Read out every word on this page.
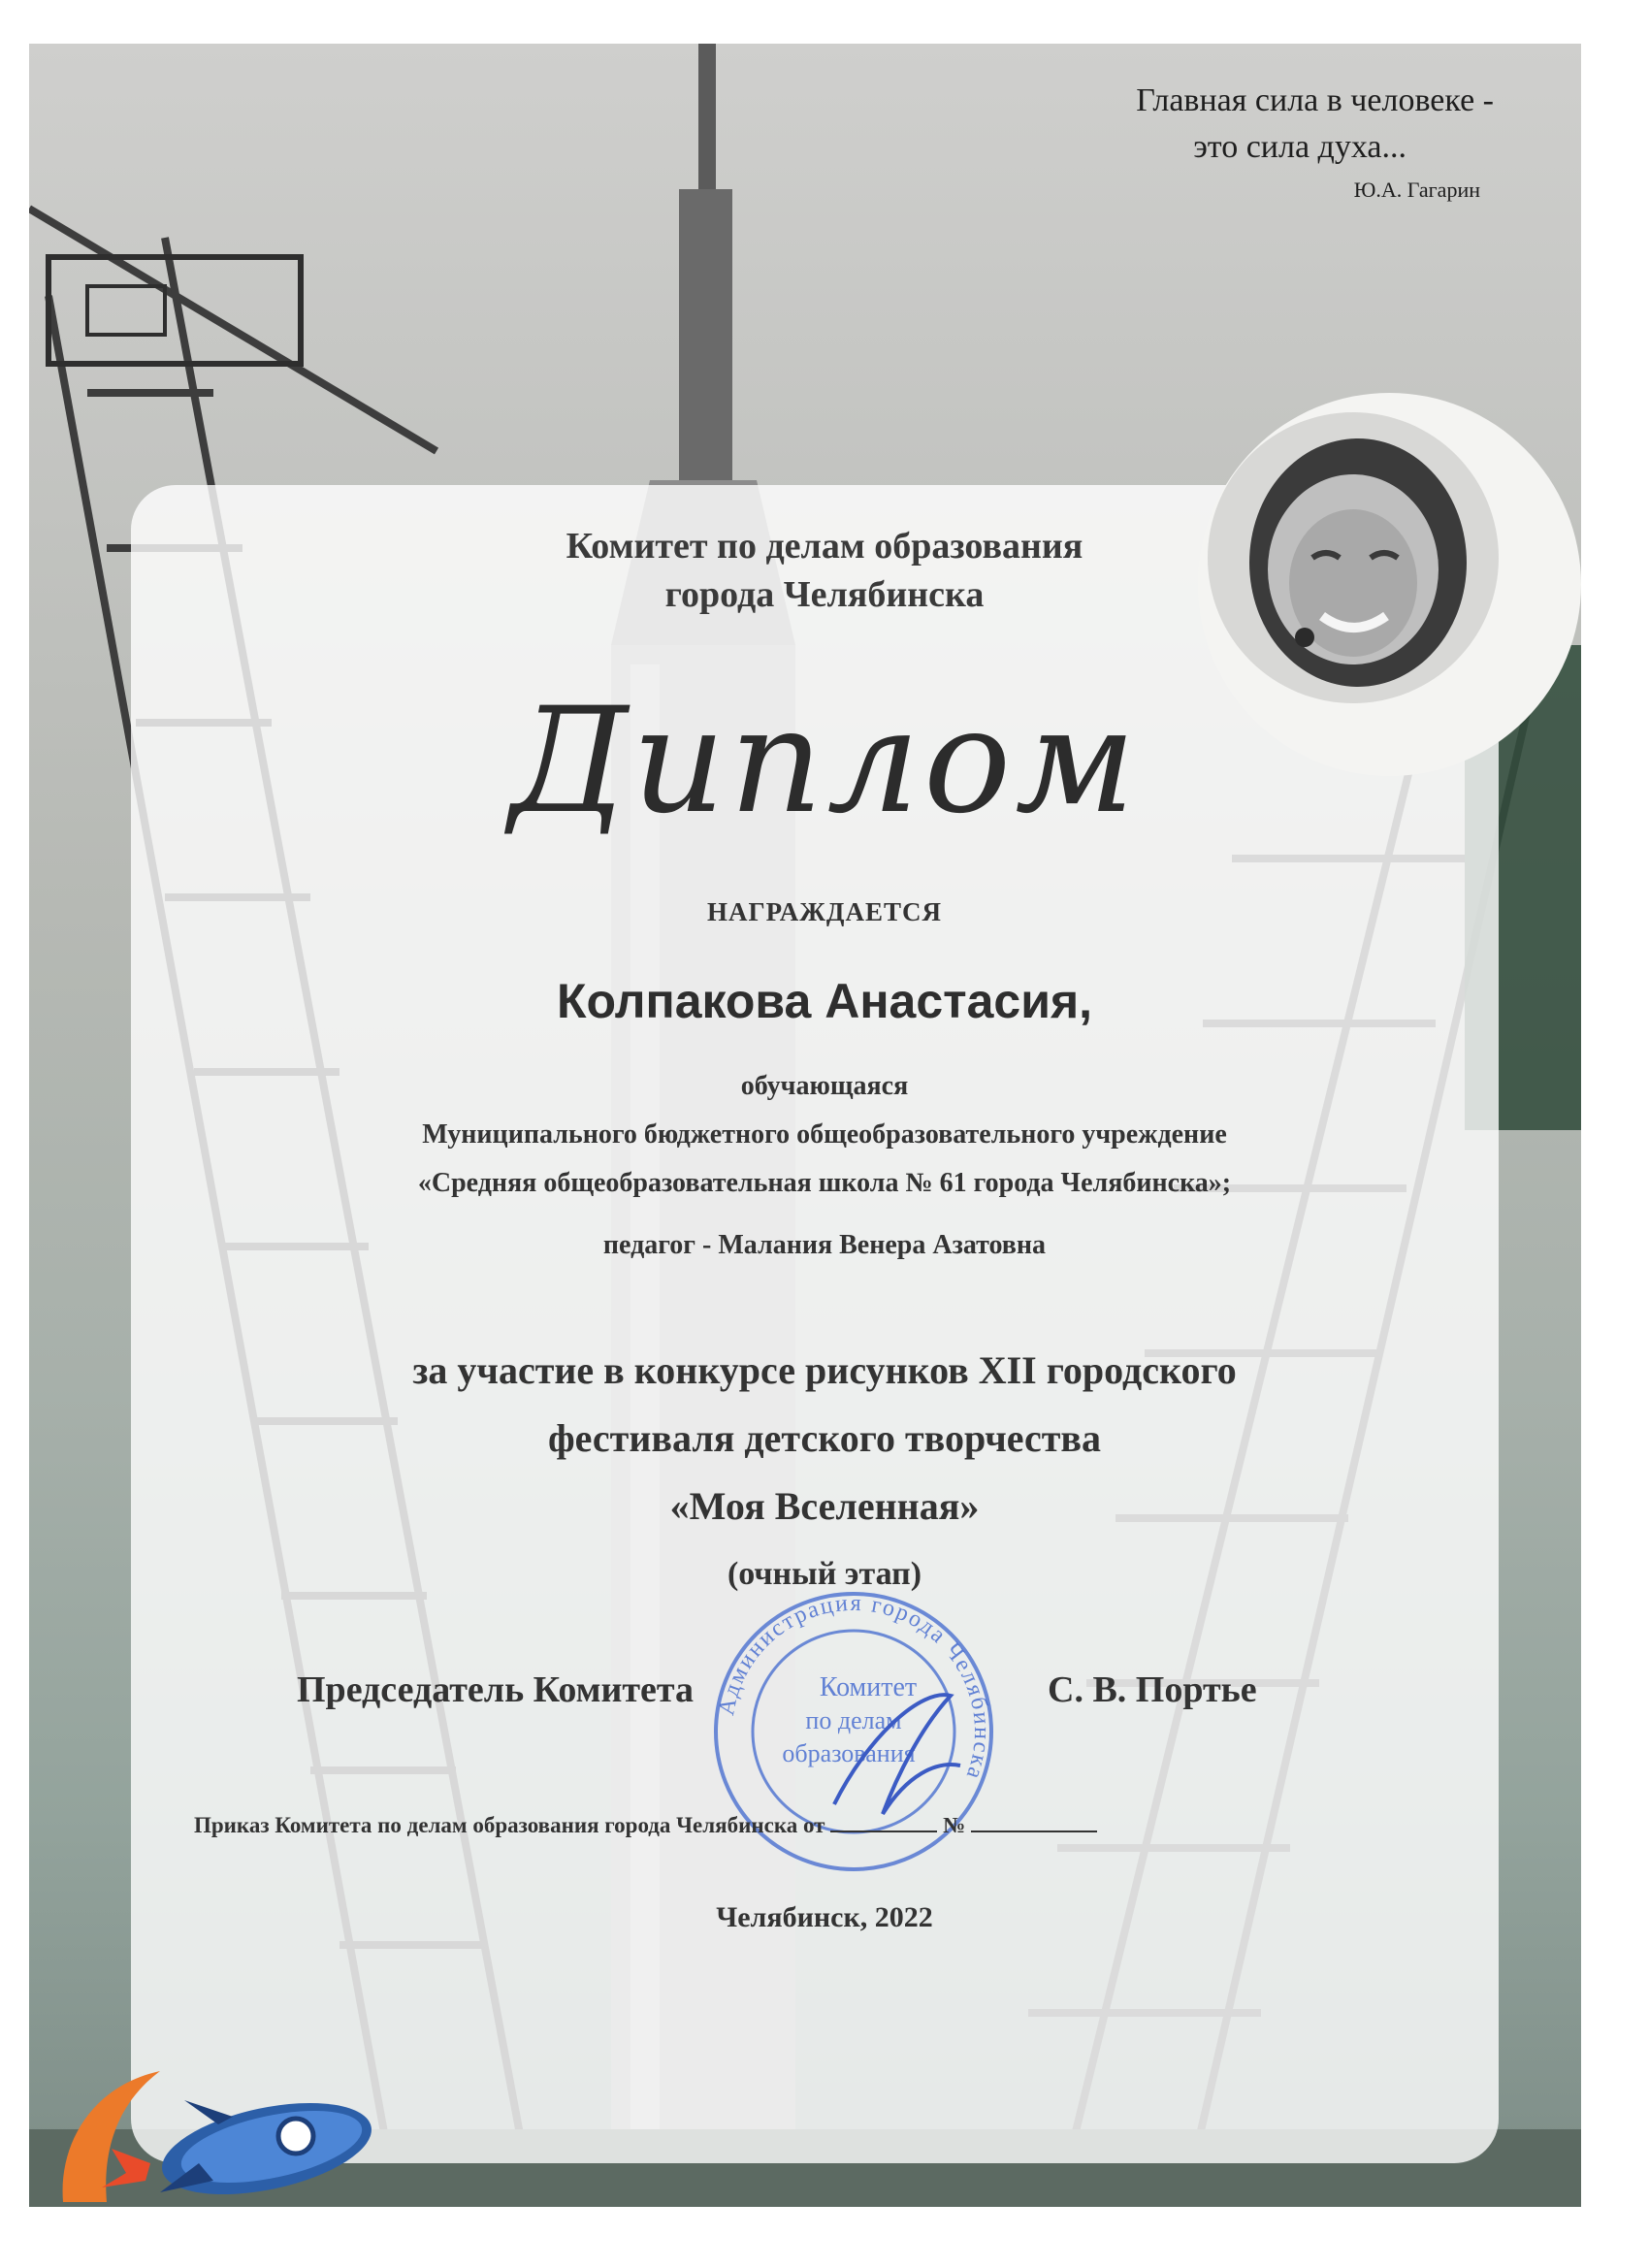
Главная сила в человеке -
это сила духа...
Ю.А. Гагарин
Комитет по делам образования
города Челябинска
Диплом
НАГРАЖДАЕТСЯ
Колпакова Анастасия,
обучающаяся
Муниципального бюджетного общеобразовательного учреждение
«Средняя общеобразовательная школа № 61 города Челябинска»;
педагог - Малания Венера Азатовна
за участие в конкурсе рисунков XII городского
фестиваля детского творчества
«Моя Вселенная»
(очный этап)
Администрация города Челябинска
Комитет
по делам
образования
Председатель Комитета	С. В. Портье
Приказ Комитета по делам образования города Челябинска от	№
Челябинск, 2022
